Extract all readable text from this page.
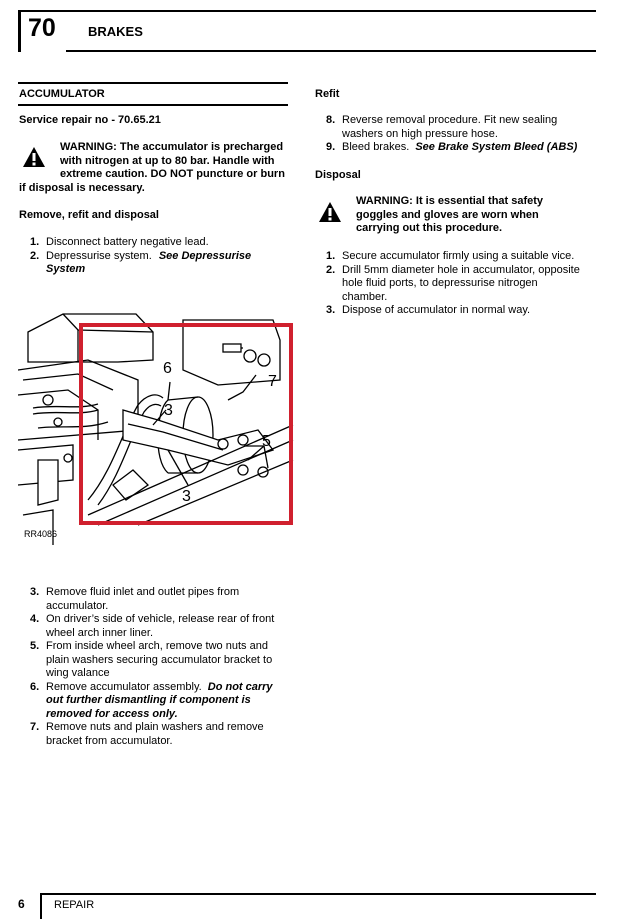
70 BRAKES
ACCUMULATOR
Service repair no - 70.65.21
WARNING: The accumulator is precharged
with nitrogen at up to 80 bar. Handle with
extreme caution. DO NOT puncture or burn
if disposal is necessary.
Remove, refit and disposal
1. Disconnect battery negative lead.
2. Depressurise system. See Depressurise
System
6
3
7
5
3
RR4086
3. Remove fluid inlet and outlet pipes from
accumulator.
4. On driver’s side of vehicle, release rear of front
wheel arch inner liner.
5. From inside wheel arch, remove two nuts and
plain washers securing accumulator bracket to
wing valance
6. Remove accumulator assembly. Do not carry
out further dismantling if component is
removed for access only.
7. Remove nuts and plain washers and remove
bracket from accumulator.
Refit
8. Reverse removal procedure. Fit new sealing
washers on high pressure hose.
9. Bleed brakes. See Brake System Bleed (ABS)
Disposal
WARNING: It is essential that safety
goggles and gloves are worn when
carrying out this procedure.
1. Secure accumulator firmly using a suitable vice.
2. Drill 5mm diameter hole in accumulator, opposite
hole fluid ports, to depressurise nitrogen
chamber.
3. Dispose of accumulator in normal way.
6	REPAIR
